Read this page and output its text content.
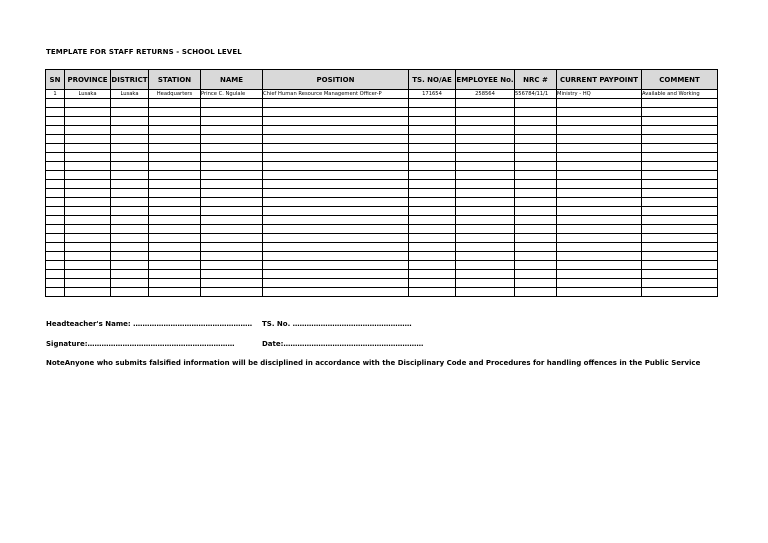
TEMPLATE FOR STAFF RETURNS - SCHOOL LEVEL
SN	PROVINCE	DISTRICT	STATION	NAME	POSITION	TS. NO/AE	EMPLOYEE No.	NRC #	CURRENT PAYPOINT	COMMENT
1	Lusaka	Lusaka	Headquarters	Prince C. Ngulale	Chief Human Resource Management Officer-P	171654	258564	556784/11/1	Ministry - HQ	Available and Working

Headteacher's Name: …………………………………………… TS. No. ……………………………………………
Signature:………………………………………………………	Date:……………………………………………………
NoteAnyone who submits falsified information will be disciplined in accordance with the Disciplinary Code and Procedures for handling offences in the Public Service
